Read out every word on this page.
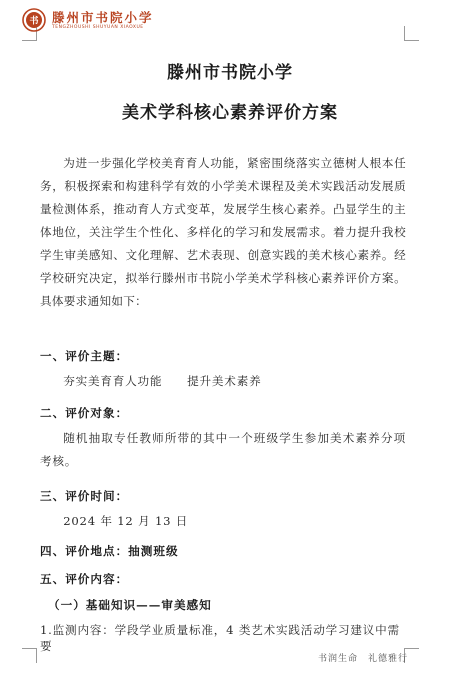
书 滕州市书院小学
TENGZHOUSHI SHUYUAN XIAOXUE
滕州市书院小学
美术学科核心素养评价方案
为进一步强化学校美育育人功能，紧密围绕落实立德树人根本任务，积极探索和构建科学有效的小学美术课程及美术实践活动发展质量检测体系，推动育人方式变革，发展学生核心素养。凸显学生的主体地位，关注学生个性化、多样化的学习和发展需求。着力提升我校学生审美感知、文化理解、艺术表现、创意实践的美术核心素养。经学校研究决定，拟举行滕州市书院小学美术学科核心素养评价方案。具体要求通知如下：
一、评价主题：
夯实美育育人功能　　提升美术素养
二、评价对象：
随机抽取专任教师所带的其中一个班级学生参加美术素养分项考核。
三、评价时间：
2024 年 12 月 13 日
四、评价地点：抽测班级
五、评价内容：
（一）基础知识——审美感知
1.监测内容：学段学业质量标准，4 类艺术实践活动学习建议中需要
书润生命　礼德雅行
